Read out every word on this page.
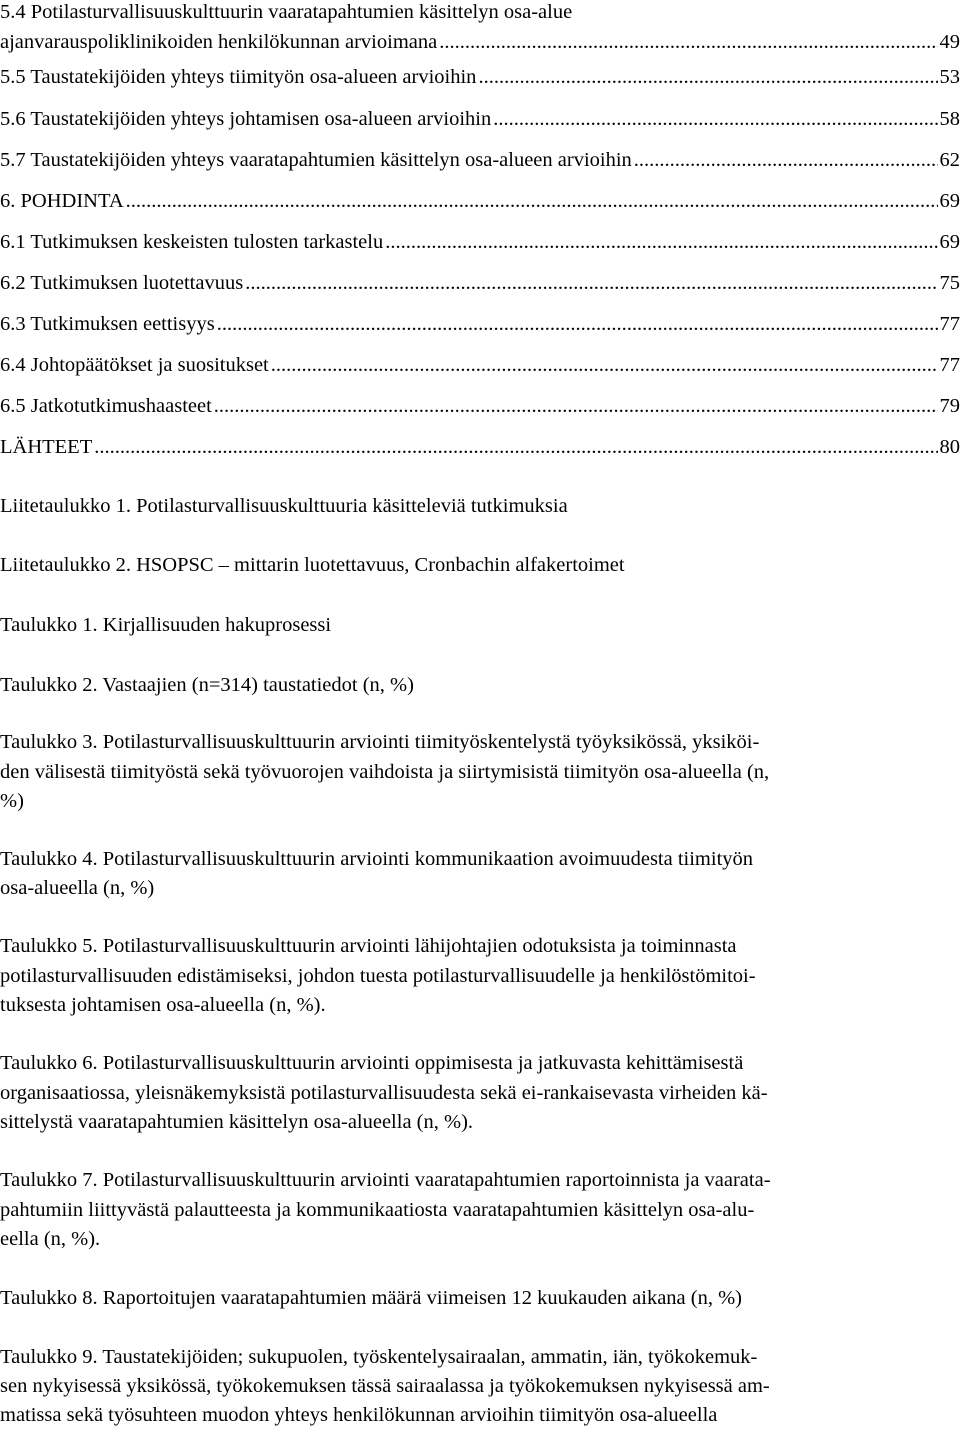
5.4 Potilasturvallisuuskulttuurin vaaratapahtumien käsittelyn osa-alue
ajanvarauspoliklinikoiden henkilökunnan arvioimana .....	49
5.5 Taustatekijöiden yhteys tiimityön osa-alueen arvioihin .....	53
5.6 Taustatekijöiden yhteys johtamisen osa-alueen arvioihin .....	58
5.7 Taustatekijöiden yhteys vaaratapahtumien käsittelyn osa-alueen arvioihin .....	62
6. POHDINTA .....	69
6.1 Tutkimuksen keskeisten tulosten tarkastelu .....	69
6.2 Tutkimuksen luotettavuus .....	75
6.3 Tutkimuksen eettisyys .....	77
6.4 Johtopäätökset ja suositukset .....	77
6.5 Jatkotutkimushaasteet .....	79
LÄHTEET .....	80
Liitetaulukko 1. Potilasturvallisuuskulttuuria käsitteleviä tutkimuksia
Liitetaulukko 2. HSOPSC – mittarin luotettavuus, Cronbachin alfakertoimet
Taulukko 1. Kirjallisuuden hakuprosessi
Taulukko 2. Vastaajien (n=314) taustatiedot (n, %)
Taulukko 3. Potilasturvallisuuskulttuurin arviointi tiimityöskentelystä työyksikössä, yksiköi-
den välisestä tiimityöstä sekä työvuorojen vaihdoista ja siirtymisistä tiimityön osa-alueella (n,
%)
Taulukko 4. Potilasturvallisuuskulttuurin arviointi kommunikaation avoimuudesta tiimityön
osa-alueella (n, %)
Taulukko 5. Potilasturvallisuuskulttuurin arviointi lähijohtajien odotuksista ja toiminnasta
potilasturvallisuuden edistämiseksi, johdon tuesta potilasturvallisuudelle ja henkilöstömitoi-
tuksesta johtamisen osa-alueella (n, %).
Taulukko 6. Potilasturvallisuuskulttuurin arviointi oppimisesta ja jatkuvasta kehittämisestä
organisaatiossa, yleisnäkemyksistä potilasturvallisuudesta sekä ei-rankaisevasta virheiden kä-
sittelystä vaaratapahtumien käsittelyn osa-alueella (n, %).
Taulukko 7. Potilasturvallisuuskulttuurin arviointi vaaratapahtumien raportoinnista ja vaarata-
pahtumiin liittyvästä palautteesta ja kommunikaatiosta vaaratapahtumien käsittelyn osa-alu-
eella (n, %).
Taulukko 8. Raportoitujen vaaratapahtumien määrä viimeisen 12 kuukauden aikana (n, %)
Taulukko 9. Taustatekijöiden; sukupuolen, työskentelysairaalan, ammatin, iän, työkokemuk-
sen nykyisessä yksikössä, työkokemuksen tässä sairaalassa ja työkokemuksen nykyisessä am-
matissa sekä työsuhteen muodon yhteys henkilökunnan arvioihin tiimityön osa-alueella
